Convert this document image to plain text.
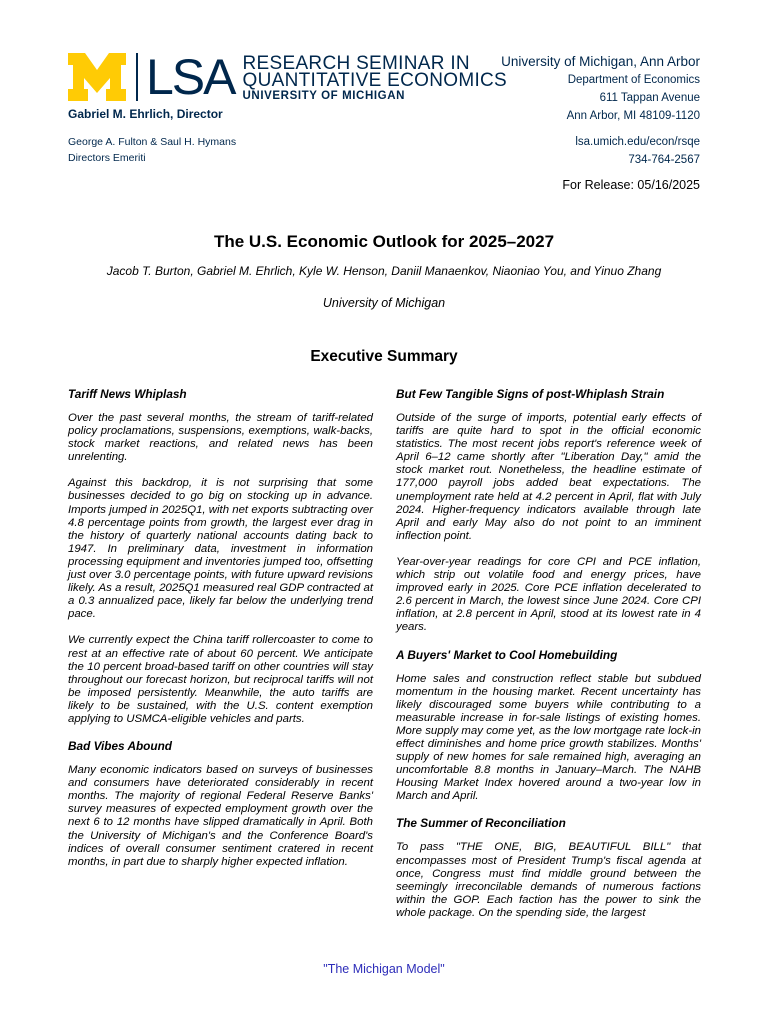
LSA RESEARCH SEMINAR IN
QUANTITATIVE ECONOMICS
UNIVERSITY OF MICHIGAN
Gabriel M. Ehrlich, Director
George A. Fulton & Saul H. Hymans
Directors Emeriti
University of Michigan, Ann Arbor
Department of Economics
611 Tappan Avenue
Ann Arbor, MI 48109-1120
lsa.umich.edu/econ/rsqe
734-764-2567
For Release: 05/16/2025
The U.S. Economic Outlook for 2025–2027
Jacob T. Burton, Gabriel M. Ehrlich, Kyle W. Henson, Daniil Manaenkov, Niaoniao You, and Yinuo Zhang
University of Michigan
Executive Summary
Tariff News Whiplash

Over the past several months, the stream of tariff-related policy proclamations, suspensions, exemptions, walk-backs, stock market reactions, and related news has been unrelenting.

Against this backdrop, it is not surprising that some businesses decided to go big on stocking up in advance. Imports jumped in 2025Q1, with net exports subtracting over 4.8 percentage points from growth, the largest ever drag in the history of quarterly national accounts dating back to 1947. In preliminary data, investment in information processing equipment and inventories jumped too, offsetting just over 3.0 percentage points, with future upward revisions likely. As a result, 2025Q1 measured real GDP contracted at a 0.3 annualized pace, likely far below the underlying trend pace.

We currently expect the China tariff rollercoaster to come to rest at an effective rate of about 60 percent. We anticipate the 10 percent broad-based tariff on other countries will stay throughout our forecast horizon, but reciprocal tariffs will not be imposed persistently. Meanwhile, the auto tariffs are likely to be sustained, with the U.S. content exemption applying to USMCA-eligible vehicles and parts.

Bad Vibes Abound

Many economic indicators based on surveys of businesses and consumers have deteriorated considerably in recent months. The majority of regional Federal Reserve Banks' survey measures of expected employment growth over the next 6 to 12 months have slipped dramatically in April. Both the University of Michigan's and the Conference Board's indices of overall consumer sentiment cratered in recent months, in part due to sharply higher expected inflation.

But Few Tangible Signs of post-Whiplash Strain

Outside of the surge of imports, potential early effects of tariffs are quite hard to spot in the official economic statistics. The most recent jobs report's reference week of April 6–12 came shortly after "Liberation Day," amid the stock market rout. Nonetheless, the headline estimate of 177,000 payroll jobs added beat expectations. The unemployment rate held at 4.2 percent in April, flat with July 2024. Higher-frequency indicators available through late April and early May also do not point to an imminent inflection point.

Year-over-year readings for core CPI and PCE inflation, which strip out volatile food and energy prices, have improved early in 2025. Core PCE inflation decelerated to 2.6 percent in March, the lowest since June 2024. Core CPI inflation, at 2.8 percent in April, stood at its lowest rate in 4 years.

A Buyers' Market to Cool Homebuilding

Home sales and construction reflect stable but subdued momentum in the housing market. Recent uncertainty has likely discouraged some buyers while contributing to a measurable increase in for-sale listings of existing homes. More supply may come yet, as the low mortgage rate lock-in effect diminishes and home price growth stabilizes. Months' supply of new homes for sale remained high, averaging an uncomfortable 8.8 months in January–March. The NAHB Housing Market Index hovered around a two-year low in March and April.

The Summer of Reconciliation

To pass "THE ONE, BIG, BEAUTIFUL BILL" that encompasses most of President Trump's fiscal agenda at once, Congress must find middle ground between the seemingly irreconcilable demands of numerous factions within the GOP. Each faction has the power to sink the whole package. On the spending side, the largest

"The Michigan Model"
